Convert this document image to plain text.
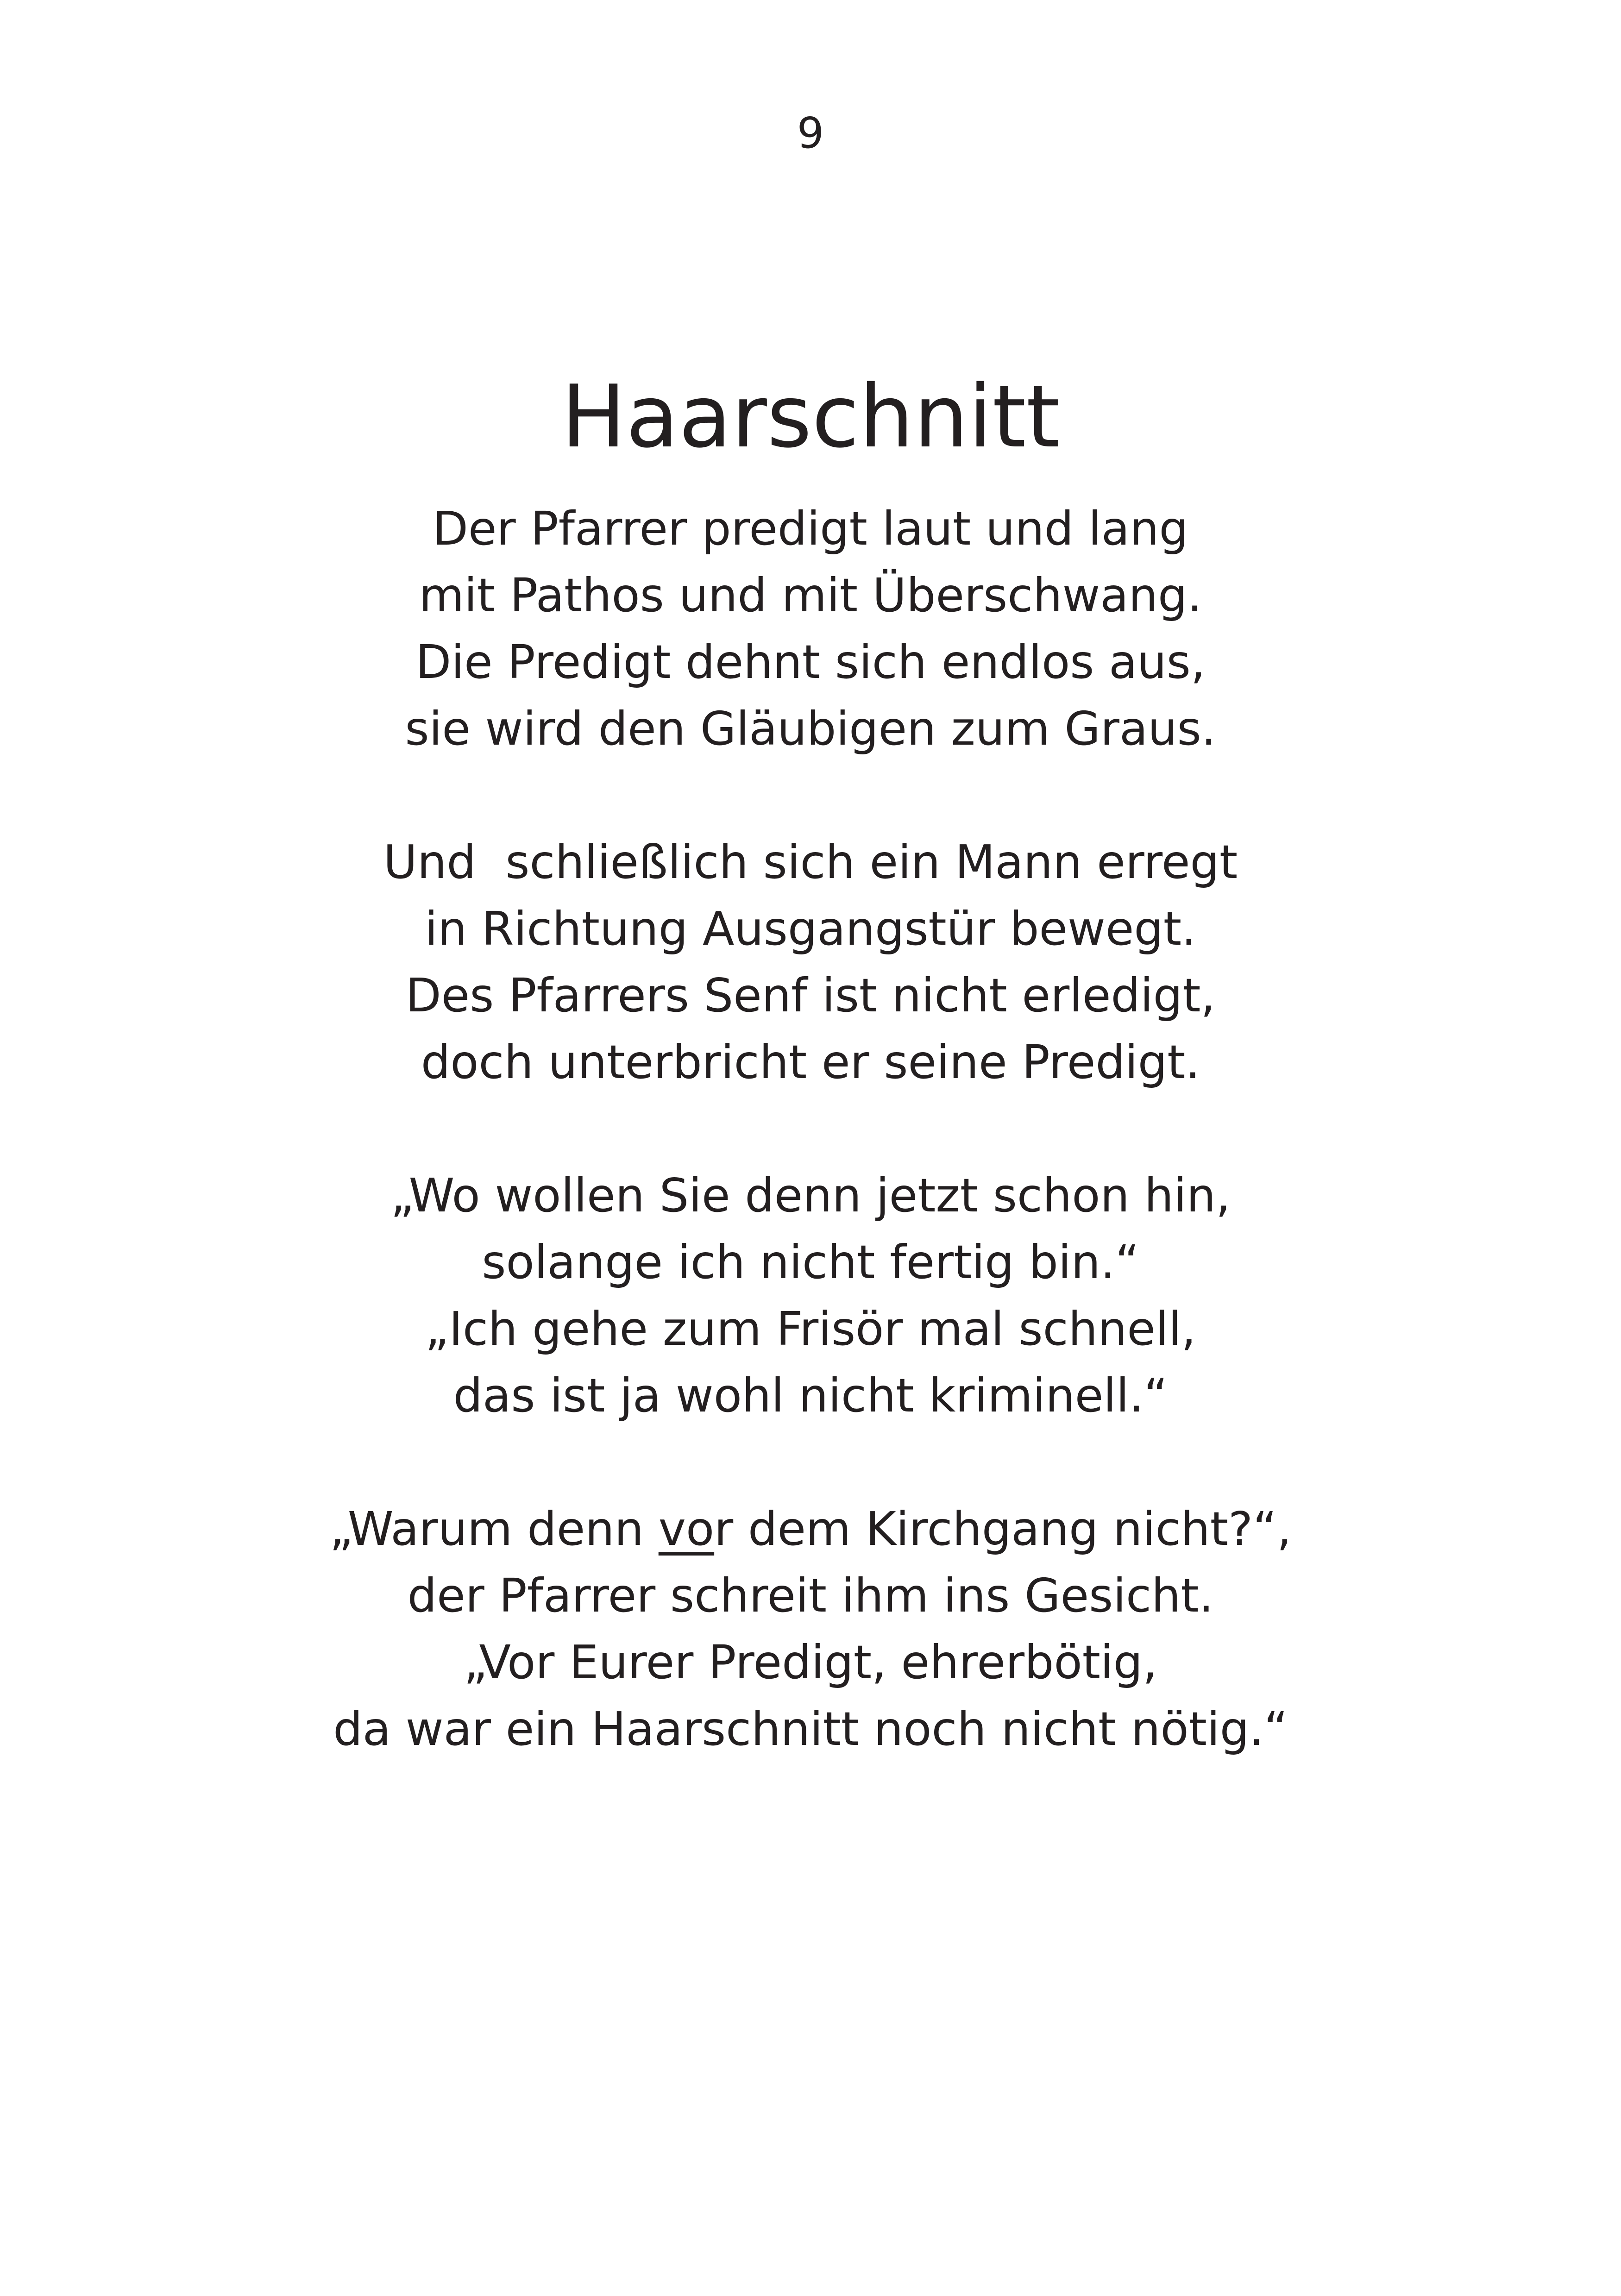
9
Haarschnitt
Der Pfarrer predigt laut und lang
mit Pathos und mit Überschwang.
Die Predigt dehnt sich endlos aus,
sie wird den Gläubigen zum Graus.
Und  schließlich sich ein Mann erregt
in Richtung Ausgangstür bewegt.
Des Pfarrers Senf ist nicht erledigt,
doch unterbricht er seine Predigt.
„Wo wollen Sie denn jetzt schon hin,
solange ich nicht fertig bin.“
„Ich gehe zum Frisör mal schnell,
das ist ja wohl nicht kriminell.“
„Warum denn vor dem Kirchgang nicht?“,
der Pfarrer schreit ihm ins Gesicht.
„Vor Eurer Predigt, ehrerbötig,
da war ein Haarschnitt noch nicht nötig.“
